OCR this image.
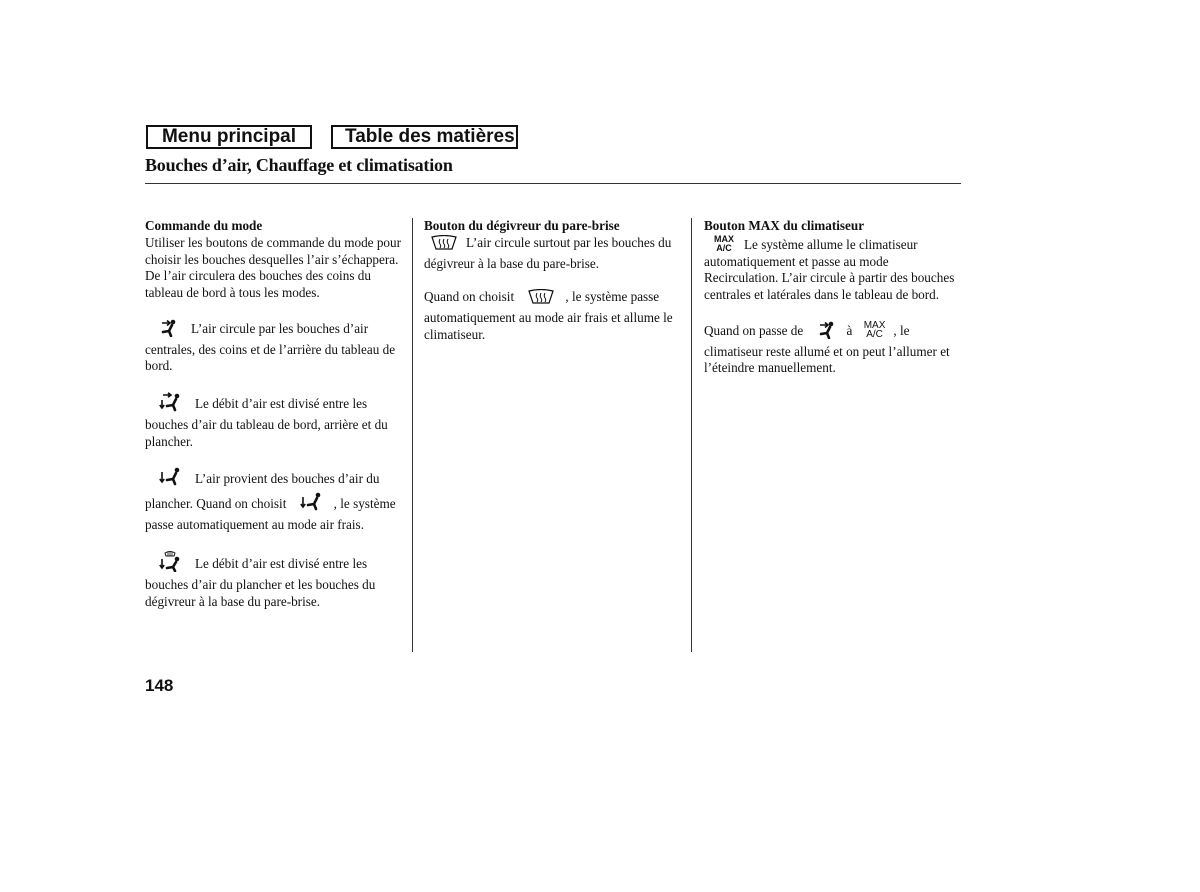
Menu principal	Table des matières
Bouches d’air, Chauffage et climatisation
Commande du mode

Utiliser les boutons de commande du mode pour choisir les bouches desquelles l’air s’échappera. De l’air circulera des bouches des coins du tableau de bord à tous les modes.

L’air circule par les bouches d’air centrales, des coins et de l’arrière du tableau de bord.

Le débit d’air est divisé entre les bouches d’air du tableau de bord, arrière et du plancher.

L’air provient des bouches d’air du plancher. Quand on choisit	, le système passe automatiquement au mode air frais.

Le débit d’air est divisé entre les bouches d’air du plancher et les bouches du dégivreur à la base du pare-brise.

Bouton du dégivreur du pare-brise

L’air circule surtout par les bouches du dégivreur à la base du pare-brise.

Quand on choisit	, le système passe automatiquement au mode air frais et allume le climatiseur.

Bouton MAX du climatiseur

MAX
A/C Le système allume le climatiseur automatiquement et passe au mode Recirculation. L’air circule à partir des bouches centrales et latérales dans le tableau de bord.

Quand on passe de	à MAX
A/C , le climatiseur reste allumé et on peut l’allumer et l’éteindre manuellement.

148
